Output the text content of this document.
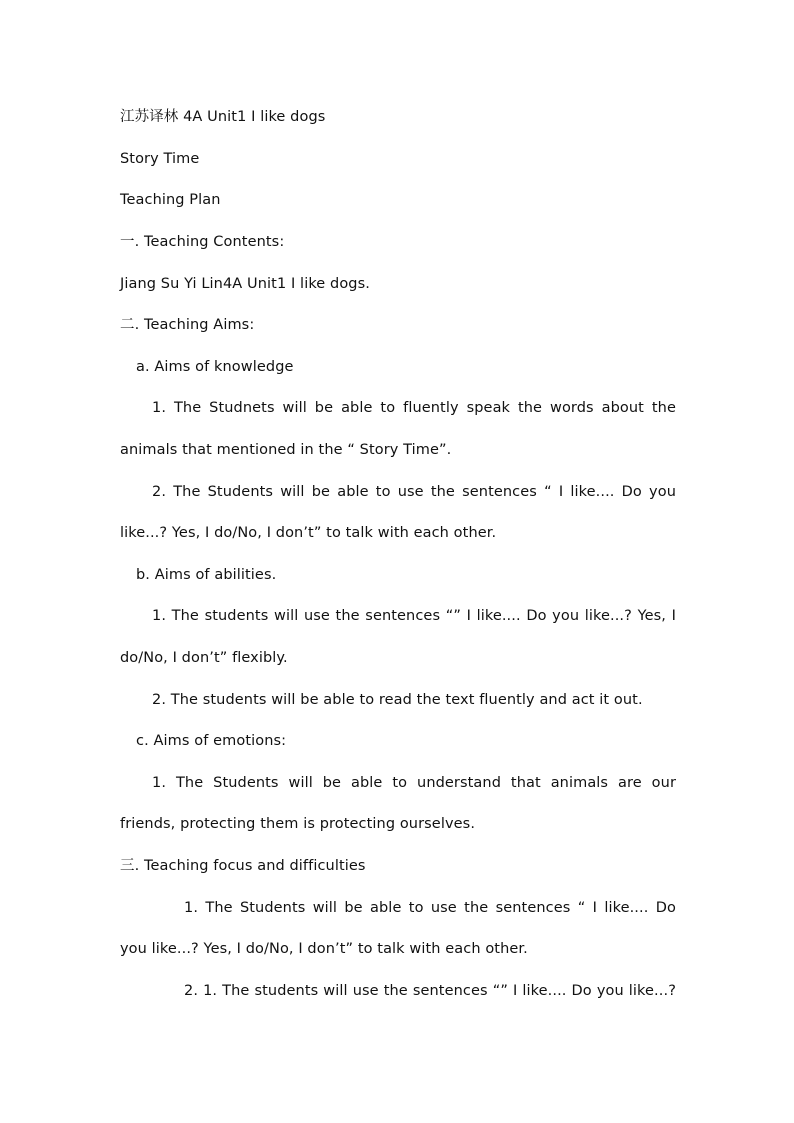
江苏译林 4A Unit1 I like dogs
Story Time
Teaching Plan
一. Teaching Contents:
Jiang Su Yi Lin4A Unit1 I like dogs.
二. Teaching Aims:
a. Aims of knowledge
1. The Studnets will be able to fluently speak the words about the
animals that mentioned in the “ Story Time”.
2. The Students will be able to use the sentences “ I like.... Do you
like...? Yes, I do/No, I don’t” to talk with each other.
b. Aims of abilities.
1. The students will use the sentences “” I like.... Do you like...? Yes, I
do/No, I don’t” flexibly.
2. The students will be able to read the text fluently and act it out.
c. Aims of emotions:
1. The Students will be able to understand that animals are our
friends, protecting them is protecting ourselves.
三. Teaching focus and difficulties
1. The Students will be able to use the sentences “ I like.... Do
you like...? Yes, I do/No, I don’t” to talk with each other.
2. 1. The students will use the sentences “” I like.... Do you like...?
